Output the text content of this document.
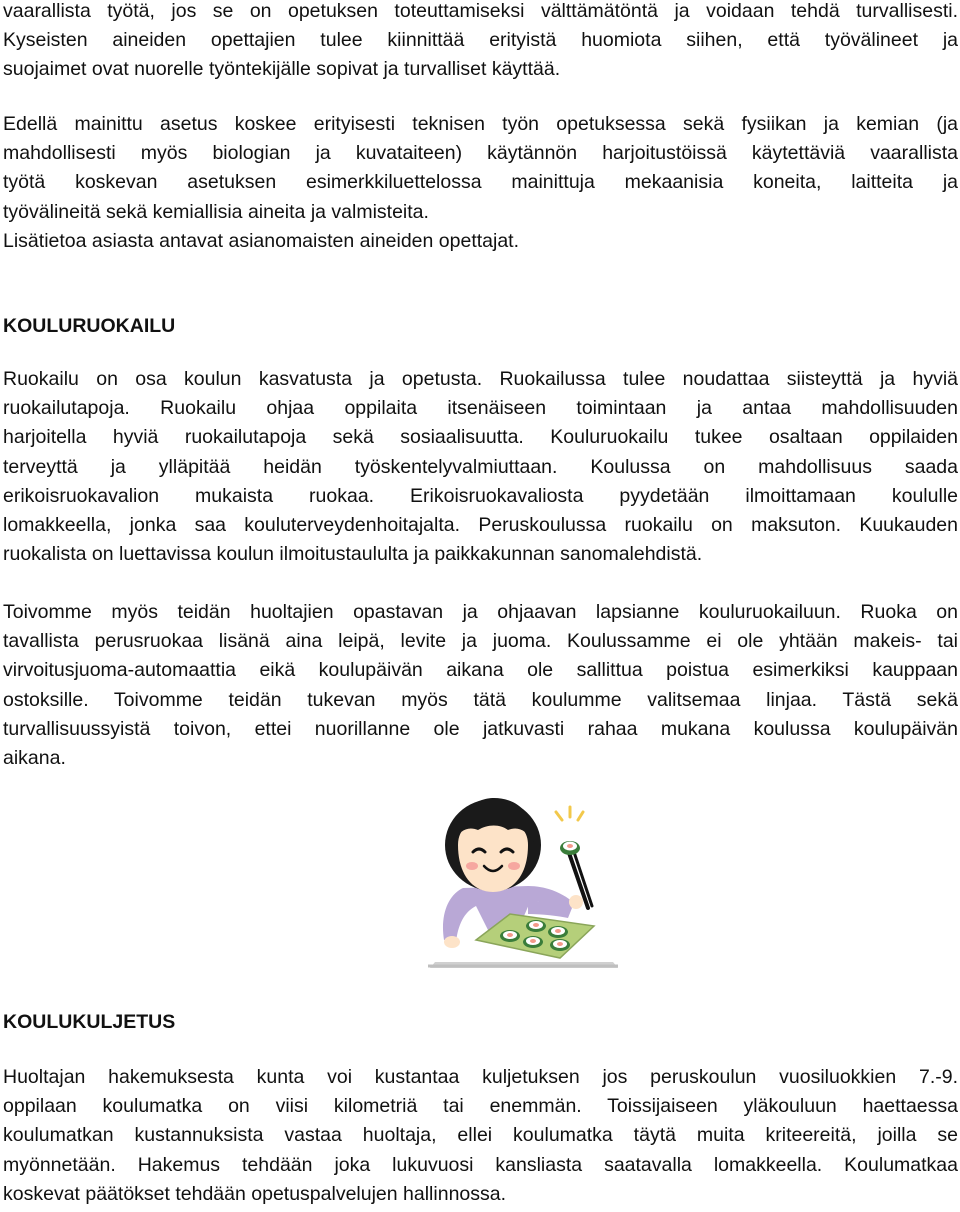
vaarallista työtä, jos se on opetuksen toteuttamiseksi välttämätöntä ja voidaan tehdä turvallisesti.
Kyseisten aineiden opettajien tulee kiinnittää erityistä huomiota siihen, että työvälineet ja
suojaimet ovat nuorelle työntekijälle sopivat ja turvalliset käyttää.
Edellä mainittu asetus koskee erityisesti teknisen työn opetuksessa sekä fysiikan ja kemian (ja
mahdollisesti myös biologian ja kuvataiteen) käytännön harjoitustöissä käytettäviä vaarallista
työtä koskevan asetuksen esimerkkiluettelossa mainittuja mekaanisia koneita, laitteita ja
työvälineitä sekä kemiallisia aineita ja valmisteita.
Lisätietoa asiasta antavat asianomaisten aineiden opettajat.
KOULURUOKAILU
Ruokailu on osa koulun kasvatusta ja opetusta. Ruokailussa tulee noudattaa siisteyttä ja hyviä
ruokailutapoja. Ruokailu ohjaa oppilaita itsenäiseen toimintaan ja antaa mahdollisuuden
harjoitella hyviä ruokailutapoja sekä sosiaalisuutta. Kouluruokailu tukee osaltaan oppilaiden
terveyttä ja ylläpitää heidän työskentelyvalmiuttaan. Koulussa on mahdollisuus saada
erikoisruokavalion mukaista ruokaa. Erikoisruokavaliosta pyydetään ilmoittamaan koululle
lomakkeella, jonka saa kouluterveydenhoitajalta. Peruskoulussa ruokailu on maksuton. Kuukauden
ruokalista on luettavissa koulun ilmoitustaululta ja paikkakunnan sanomalehdistä.
Toivomme myös teidän huoltajien opastavan ja ohjaavan lapsianne kouluruokailuun. Ruoka on
tavallista perusruokaa lisänä aina leipä, levite ja juoma. Koulussamme ei ole yhtään makeis- tai
virvoitusjuoma-automaattia eikä koulupäivän aikana ole sallittua poistua esimerkiksi kauppaan
ostoksille. Toivomme teidän tukevan myös tätä koulumme valitsemaa linjaa. Tästä sekä
turvallisuussyistä toivon, ettei nuorillanne ole jatkuvasti rahaa mukana koulussa koulupäivän
aikana.
KOULUKULJETUS
Huoltajan hakemuksesta kunta voi kustantaa kuljetuksen jos peruskoulun vuosiluokkien 7.-9.
oppilaan koulumatka on viisi kilometriä tai enemmän. Toissijaiseen yläkouluun haettaessa
koulumatkan kustannuksista vastaa huoltaja, ellei koulumatka täytä muita kriteereitä, joilla se
myönnetään. Hakemus tehdään joka lukuvuosi kansliasta saatavalla lomakkeella. Koulumatkaa
koskevat päätökset tehdään opetuspalvelujen hallinnossa.
